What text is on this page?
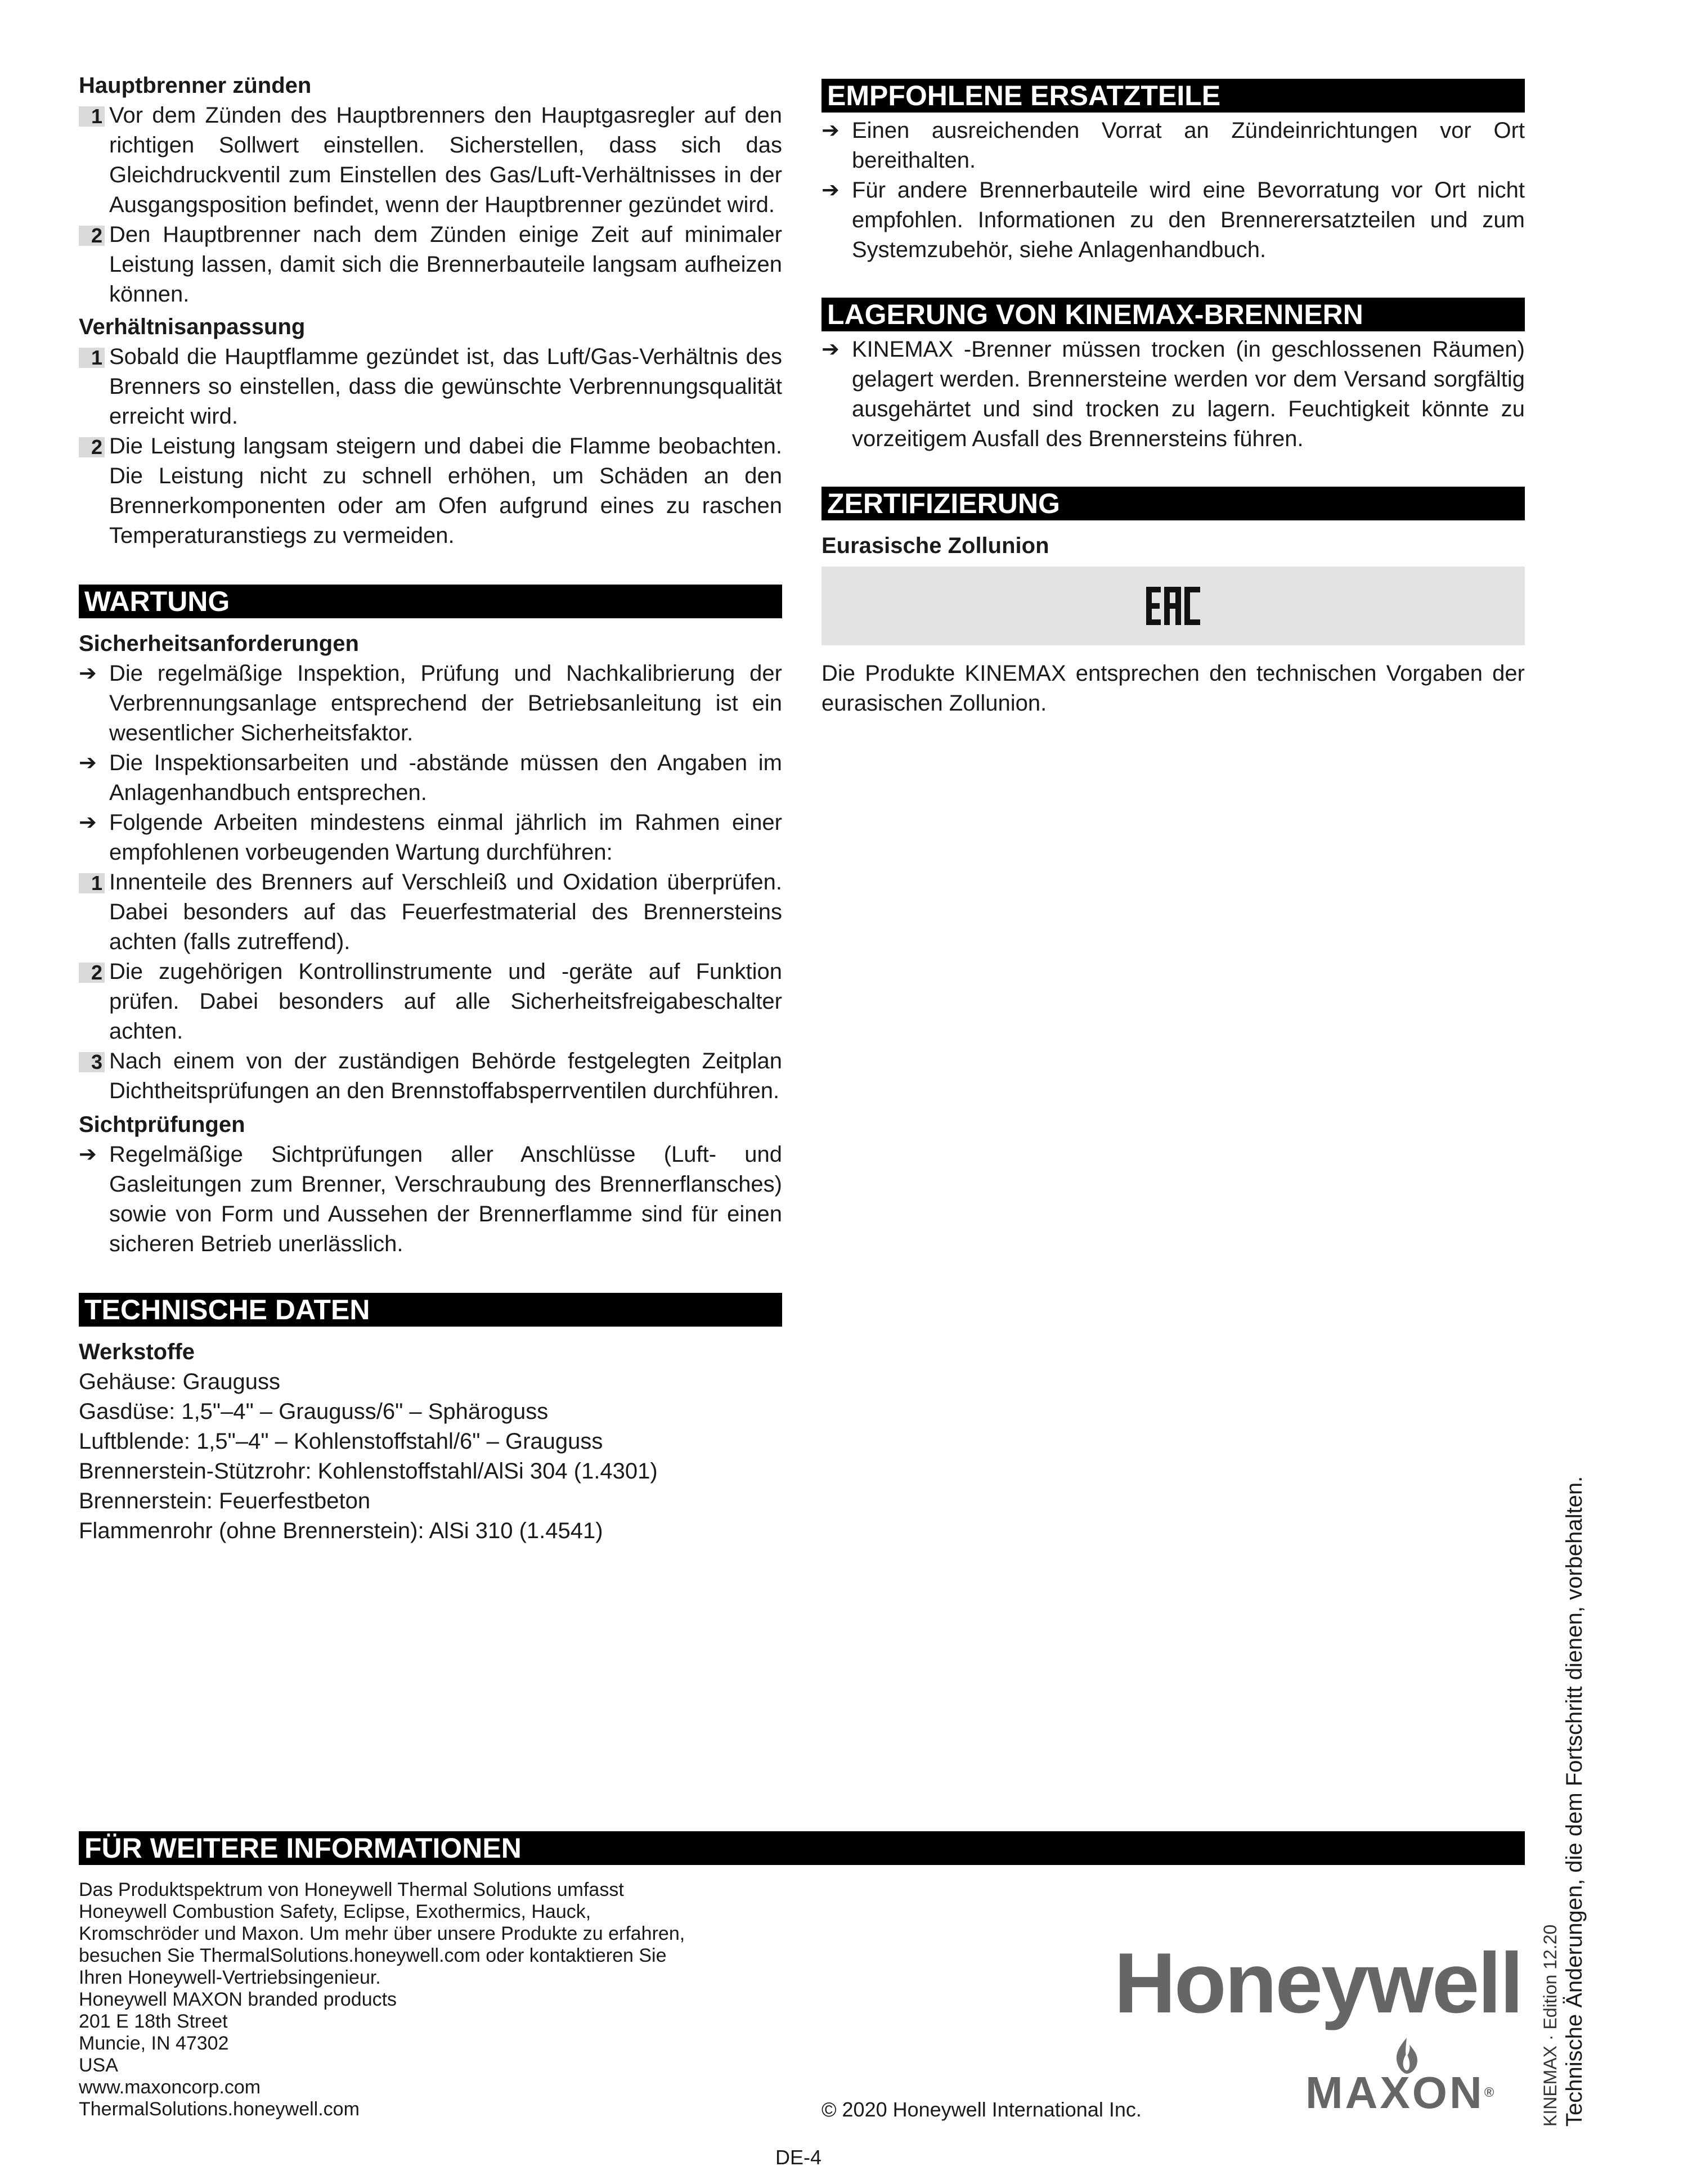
Hauptbrenner zünden

1 Vor dem Zünden des Hauptbrenners den Hauptgasregler auf den richtigen Sollwert einstellen. Sicherstellen, dass sich das Gleichdruckventil zum Einstellen des Gas/Luft-Verhältnisses in der Ausgangsposition befindet, wenn der Hauptbrenner gezündet wird.
2 Den Hauptbrenner nach dem Zünden einige Zeit auf minimaler Leistung lassen, damit sich die Brennerbauteile langsam aufheizen können.

Verhältnisanpassung

1 Sobald die Hauptflamme gezündet ist, das Luft/Gas-Verhältnis des Brenners so einstellen, dass die gewünschte Verbrennungsqualität erreicht wird.
2 Die Leistung langsam steigern und dabei die Flamme beobachten. Die Leistung nicht zu schnell erhöhen, um Schäden an den Brennerkomponenten oder am Ofen aufgrund eines zu raschen Temperaturanstiegs zu vermeiden.
WARTUNG

Sicherheitsanforderungen

➔ Die regelmäßige Inspektion, Prüfung und Nachkalibrierung der Verbrennungsanlage entsprechend der Betriebsanleitung ist ein wesentlicher Sicherheitsfaktor.
➔ Die Inspektionsarbeiten und -abstände müssen den Angaben im Anlagenhandbuch entsprechen.
➔ Folgende Arbeiten mindestens einmal jährlich im Rahmen einer empfohlenen vorbeugenden Wartung durchführen:
1 Innenteile des Brenners auf Verschleiß und Oxidation überprüfen. Dabei besonders auf das Feuerfestmaterial des Brennersteins achten (falls zutreffend).
2 Die zugehörigen Kontrollinstrumente und -geräte auf Funktion prüfen. Dabei besonders auf alle Sicherheitsfreigabeschalter achten.
3 Nach einem von der zuständigen Behörde festgelegten Zeitplan Dichtheitsprüfungen an den Brennstoffabsperrventilen durchführen.

Sichtprüfungen

➔ Regelmäßige Sichtprüfungen aller Anschlüsse (Luft- und Gasleitungen zum Brenner, Verschraubung des Brennerflansches) sowie von Form und Aussehen der Brennerflamme sind für einen sicheren Betrieb unerlässlich.
TECHNISCHE DATEN

Werkstoffe

Gehäuse: Grauguss

Gasdüse: 1,5"–4" – Grauguss/6" – Sphäroguss

Luftblende: 1,5"–4" – Kohlenstoffstahl/6" – Grauguss

Brennerstein-Stützrohr: Kohlenstoffstahl/AlSi 304 (1.4301)

Brennerstein: Feuerfestbeton

Flammenrohr (ohne Brennerstein): AlSi 310 (1.4541)

EMPFOHLENE ERSATZTEILE
➔ Einen ausreichenden Vorrat an Zündeinrichtungen vor Ort bereithalten.
➔ Für andere Brennerbauteile wird eine Bevorratung vor Ort nicht empfohlen. Informationen zu den Brennerersatzteilen und zum Systemzubehör, siehe Anlagenhandbuch.
LAGERUNG VON KINEMAX-BRENNERN
➔ KINEMAX -Brenner müssen trocken (in geschlossenen Räumen) gelagert werden. Brennersteine werden vor dem Versand sorgfältig ausgehärtet und sind trocken zu lagern. Feuchtigkeit könnte zu vorzeitigem Ausfall des Brennersteins führen.
ZERTIFIZIERUNG

Eurasische Zollunion

Die Produkte KINEMAX entsprechen den technischen Vorgaben der eurasischen Zollunion.

FÜR WEITERE INFORMATIONEN
Das Produktspektrum von Honeywell Thermal Solutions umfasst
Honeywell Combustion Safety, Eclipse, Exothermics, Hauck,
Kromschröder und Maxon. Um mehr über unsere Produkte zu erfahren,
besuchen Sie ThermalSolutions.honeywell.com oder kontaktieren Sie
Ihren Honeywell-Vertriebsingenieur.
Honeywell MAXON branded products
201 E 18th Street
Muncie, IN 47302
USA
www.maxoncorp.com
ThermalSolutions.honeywell.com
Honeywell
MAXON®
© 2020 Honeywell International Inc.
DE-4
KINEMAX · Edition 12.20 Technische Änderungen, die dem Fortschritt dienen, vorbehalten.
